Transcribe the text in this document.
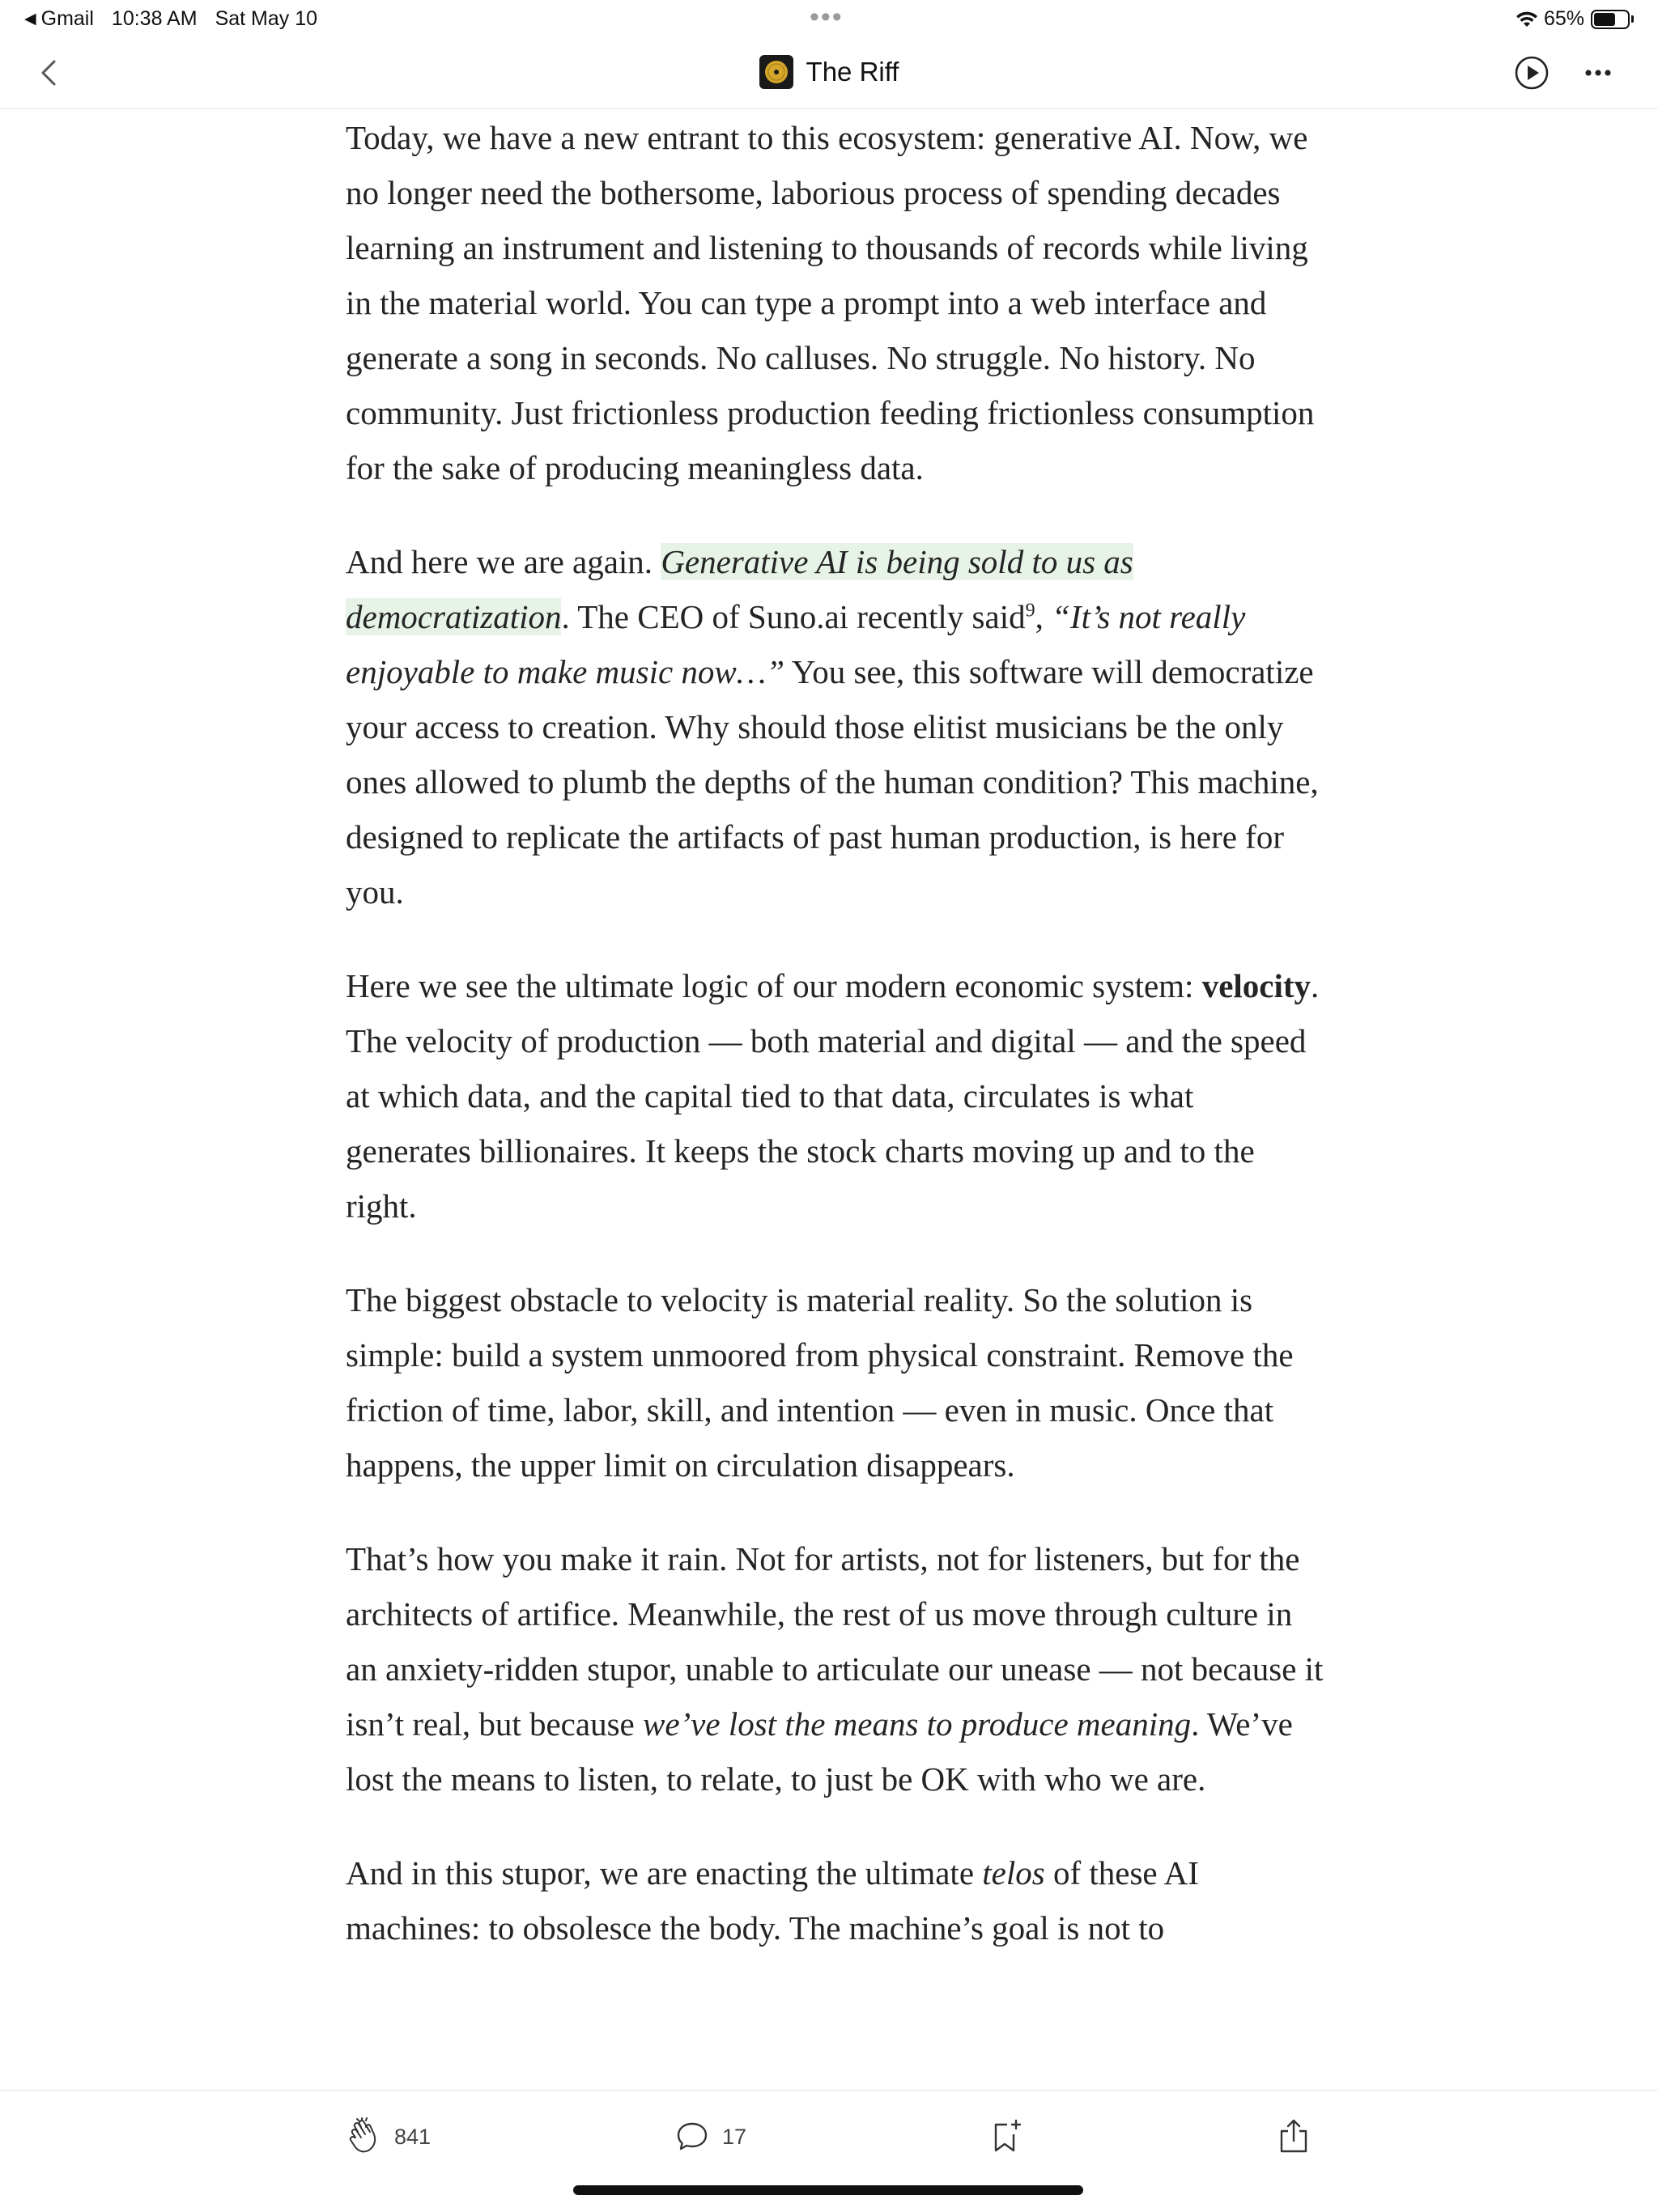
◀ Gmail 10:38 AM Sat May 10	•••	65%
The Riff

Today, we have a new entrant to this ecosystem: generative AI. Now, we no longer need the bothersome, laborious process of spending decades learning an instrument and listening to thousands of records while living in the material world. You can type a prompt into a web interface and generate a song in seconds. No calluses. No struggle. No history. No community. Just frictionless production feeding frictionless consumption for the sake of producing meaningless data.

And here we are again. Generative AI is being sold to us as democratization. The CEO of Suno.ai recently said$^9$, “It’s not really enjoyable to make music now…” You see, this software will democratize your access to creation. Why should those elitist musicians be the only ones allowed to plumb the depths of the human condition? This machine, designed to replicate the artifacts of past human production, is here for you.

Here we see the ultimate logic of our modern economic system: velocity. The velocity of production — both material and digital — and the speed at which data, and the capital tied to that data, circulates is what generates billionaires. It keeps the stock charts moving up and to the right.

The biggest obstacle to velocity is material reality. So the solution is simple: build a system unmoored from physical constraint. Remove the friction of time, labor, skill, and intention — even in music. Once that happens, the upper limit on circulation disappears.

That’s how you make it rain. Not for artists, not for listeners, but for the architects of artifice. Meanwhile, the rest of us move through culture in an anxiety-ridden stupor, unable to articulate our unease — not because it isn’t real, but because we’ve lost the means to produce meaning. We’ve lost the means to listen, to relate, to just be OK with who we are.

And in this stupor, we are enacting the ultimate telos of these AI machines: to obsolesce the body. The machine’s goal is not to

841	17
